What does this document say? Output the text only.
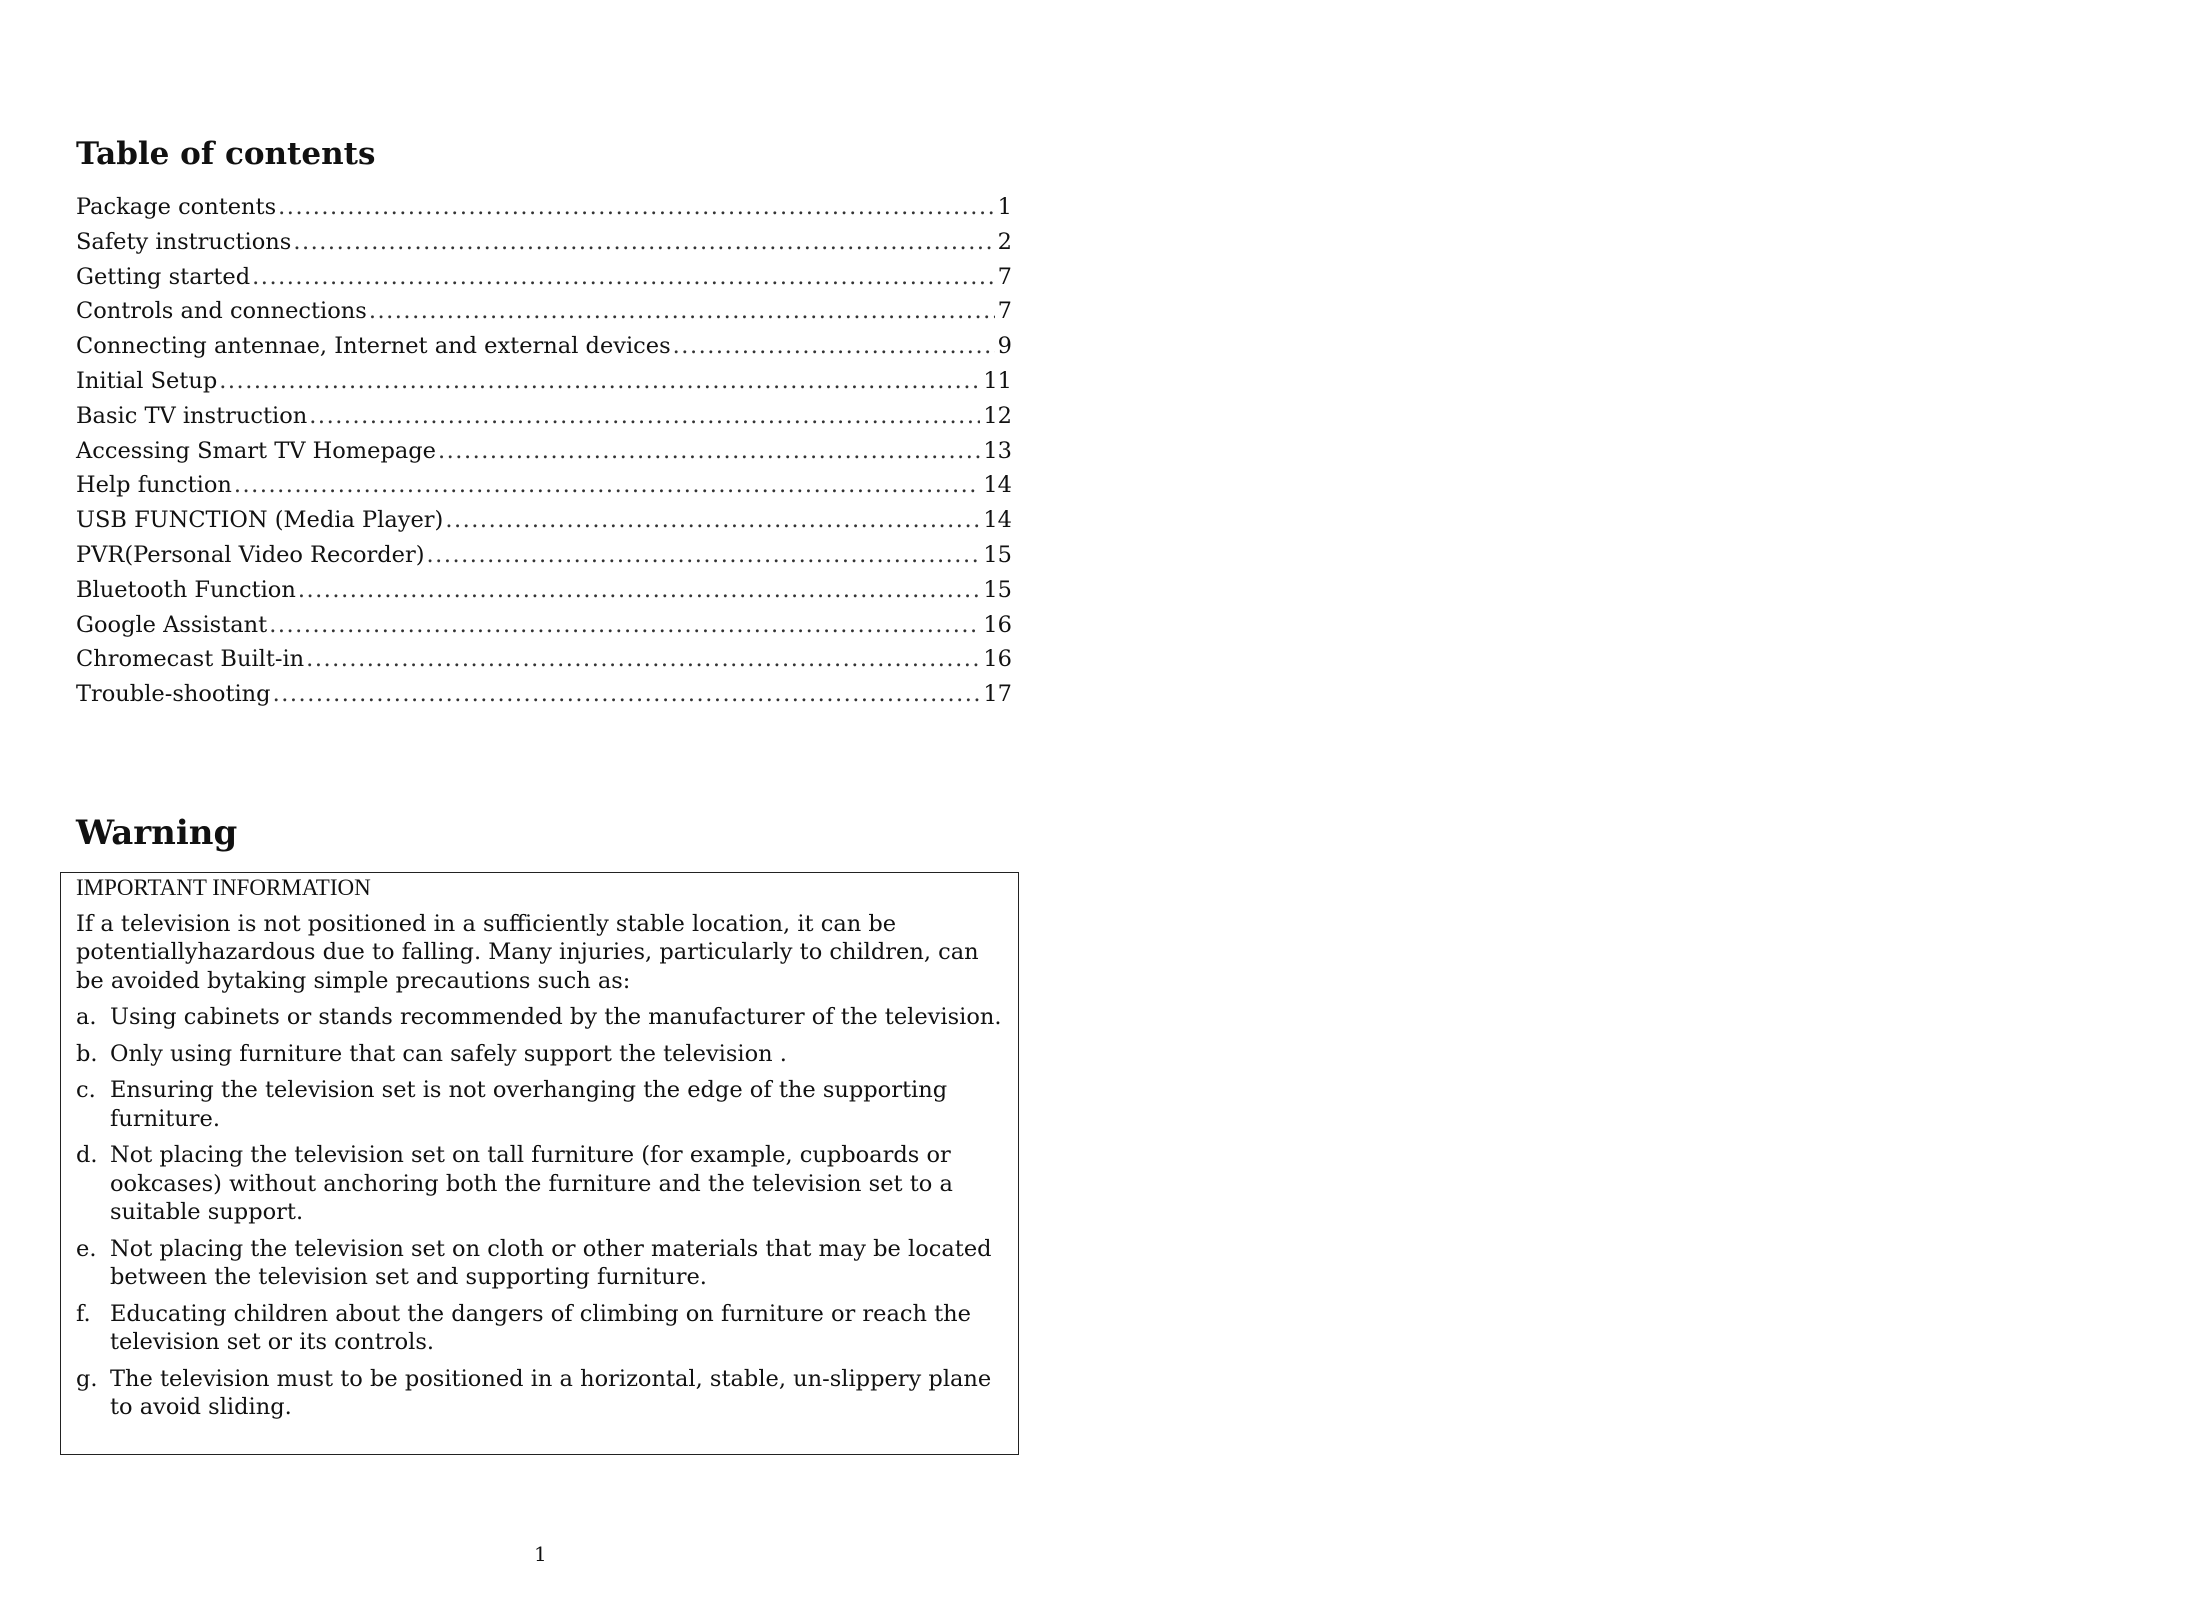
Table of contents
Package contents .....	1
Safety instructions .....	2
Getting started .....	7
Controls and connections .....	7
Connecting antennae, Internet and external devices .....	9
Initial Setup .....	11
Basic TV instruction .....	12
Accessing Smart TV Homepage .....	13
Help function .....	14
USB FUNCTION (Media Player) .....	14
PVR(Personal Video Recorder) .....	15
Bluetooth Function .....	15
Google Assistant .....	16
Chromecast Built-in .....	16
Trouble-shooting .....	17
Warning
IMPORTANT INFORMATION

If a television is not positioned in a sufficiently stable location, it can be potentiallyhazardous due to falling. Many injuries, particularly to children, can be avoided bytaking simple precautions such as:

a. Using cabinets or stands recommended by the manufacturer of the television.
b. Only using furniture that can safely support the television .
c. Ensuring the television set is not overhanging the edge of the supporting furniture.
d. Not placing the television set on tall furniture (for example, cupboards or ookcases) without anchoring both the furniture and the television set to a suitable support.
e. Not placing the television set on cloth or other materials that may be located between the television set and supporting furniture.
f. Educating children about the dangers of climbing on furniture or reach the television set or its controls.
g. The television must to be positioned in a horizontal, stable, un-slippery plane to avoid sliding.
1
